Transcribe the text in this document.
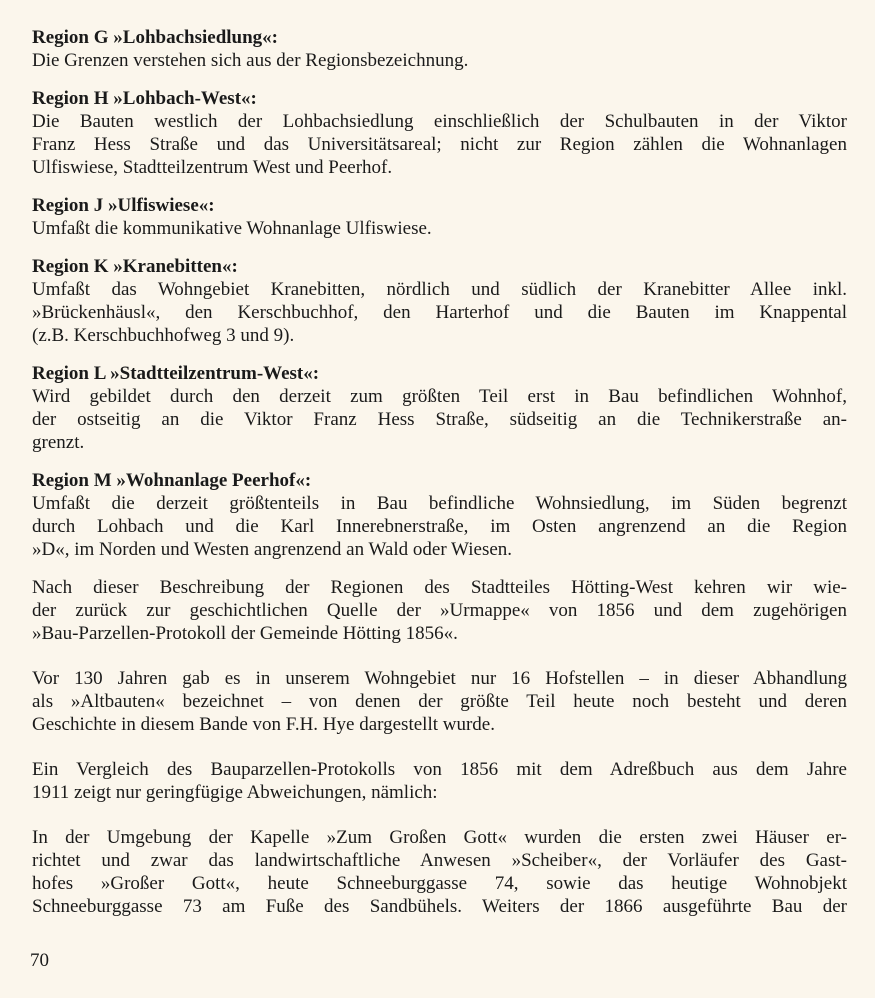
Region G »Lohbachsiedlung«:
Die Grenzen verstehen sich aus der Regionsbezeichnung.
Region H »Lohbach-West«:
Die Bauten westlich der Lohbachsiedlung einschließlich der Schulbauten in der Viktor
Franz Hess Straße und das Universitätsareal; nicht zur Region zählen die Wohnanlagen
Ulfiswiese, Stadtteilzentrum West und Peerhof.
Region J »Ulfiswiese«:
Umfaßt die kommunikative Wohnanlage Ulfiswiese.
Region K »Kranebitten«:
Umfaßt das Wohngebiet Kranebitten, nördlich und südlich der Kranebitter Allee inkl.
»Brückenhäusl«, den Kerschbuchhof, den Harterhof und die Bauten im Knappental
(z.B. Kerschbuchhofweg 3 und 9).
Region L »Stadtteilzentrum-West«:
Wird gebildet durch den derzeit zum größten Teil erst in Bau befindlichen Wohnhof,
der ostseitig an die Viktor Franz Hess Straße, südseitig an die Technikerstraße an-
grenzt.
Region M »Wohnanlage Peerhof«:
Umfaßt die derzeit größtenteils in Bau befindliche Wohnsiedlung, im Süden begrenzt
durch Lohbach und die Karl Innerebnerstraße, im Osten angrenzend an die Region
»D«, im Norden und Westen angrenzend an Wald oder Wiesen.
Nach dieser Beschreibung der Regionen des Stadtteiles Hötting-West kehren wir wie-
der zurück zur geschichtlichen Quelle der »Urmappe« von 1856 und dem zugehörigen
»Bau-Parzellen-Protokoll der Gemeinde Hötting 1856«.
Vor 130 Jahren gab es in unserem Wohngebiet nur 16 Hofstellen – in dieser Abhandlung
als »Altbauten« bezeichnet – von denen der größte Teil heute noch besteht und deren
Geschichte in diesem Bande von F.H. Hye dargestellt wurde.
Ein Vergleich des Bauparzellen-Protokolls von 1856 mit dem Adreßbuch aus dem Jahre
1911 zeigt nur geringfügige Abweichungen, nämlich:
In der Umgebung der Kapelle »Zum Großen Gott« wurden die ersten zwei Häuser er-
richtet und zwar das landwirtschaftliche Anwesen »Scheiber«, der Vorläufer des Gast-
hofes »Großer Gott«, heute Schneeburggasse 74, sowie das heutige Wohnobjekt
Schneeburggasse 73 am Fuße des Sandbühels. Weiters der 1866 ausgeführte Bau der
70
